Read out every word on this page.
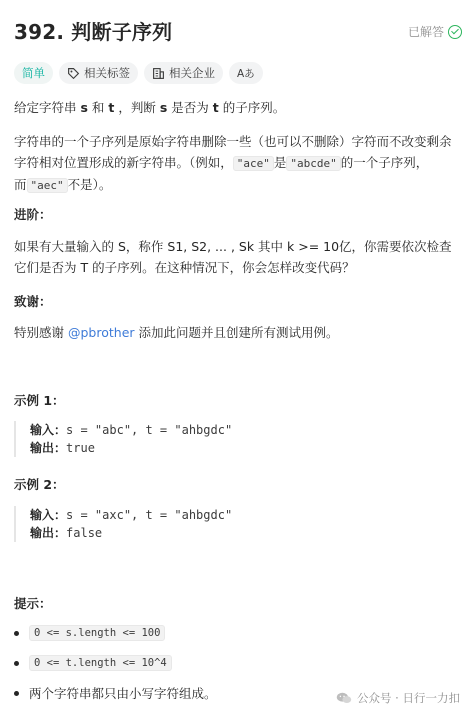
392. 判断子序列	已解答
简单	相关标签	相关企业 Aあ
给定字符串 s 和 t ，判断 s 是否为 t 的子序列。
字符串的一个子序列是原始字符串删除一些（也可以不删除）字符而不改变剩余字符相对位置形成的新字符串。（例如， "ace" 是 "abcde" 的一个子序列，而 "aec" 不是）。
进阶：
如果有大量输入的 S，称作 S1, S2, ... , Sk 其中 k >= 10亿，你需要依次检查它们是否为 T 的子序列。在这种情况下，你会怎样改变代码？
致谢：
特别感谢 @pbrother 添加此问题并且创建所有测试用例。
示例 1：
输入：s = "abc", t = "ahbgdc"
输出：true
示例 2：
输入：s = "axc", t = "ahbgdc"
输出：false
提示：
0 <= s.length <= 100
0 <= t.length <= 10^4
两个字符串都只由小写字符组成。	公众号 · 日行一力扣
